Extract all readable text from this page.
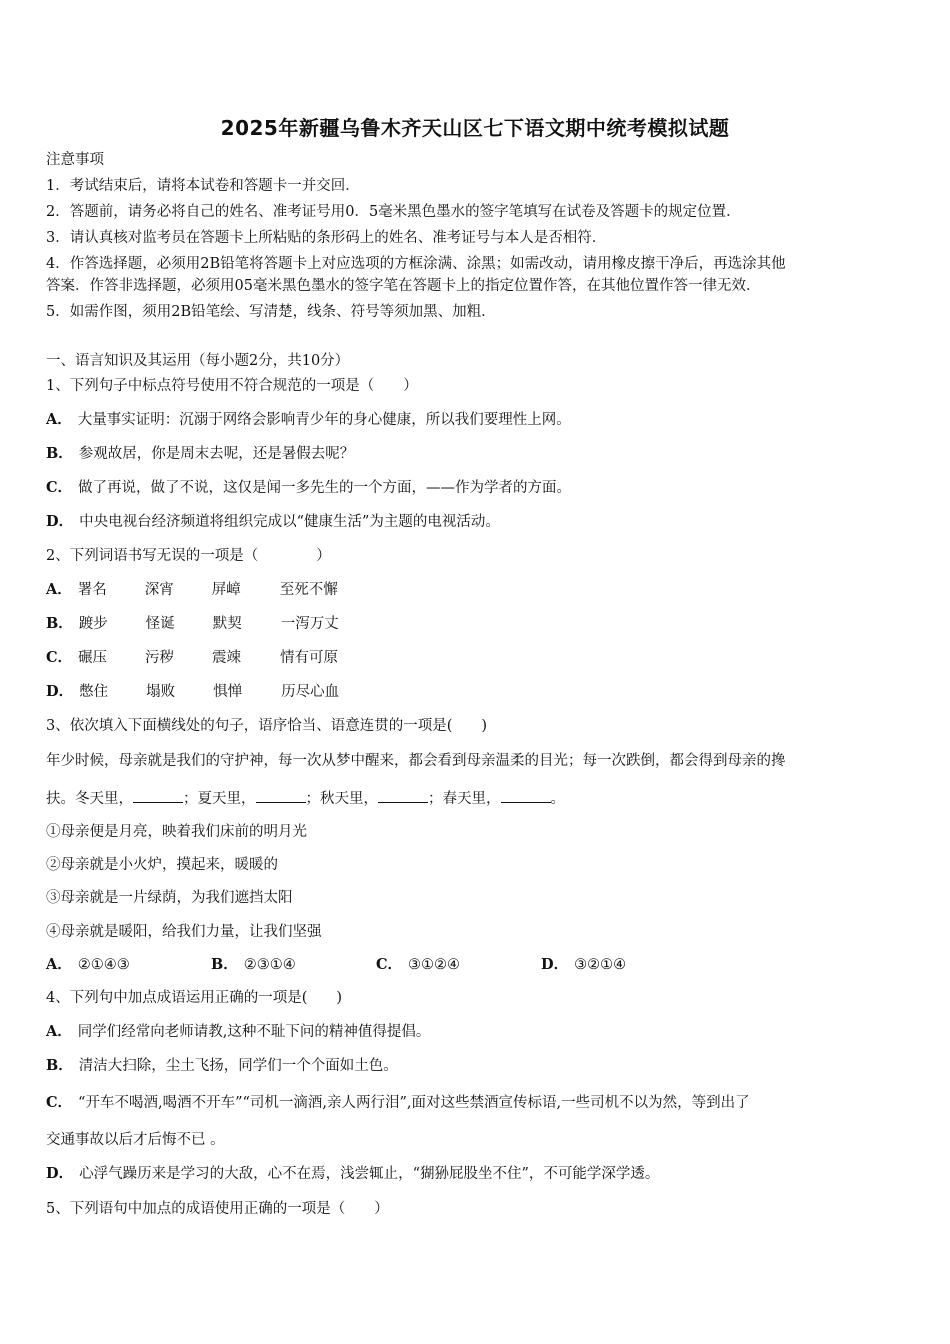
2025年新疆乌鲁木齐天山区七下语文期中统考模拟试题
注意事项
1．考试结束后，请将本试卷和答题卡一并交回．
2．答题前，请务必将自己的姓名、准考证号用0．5毫米黑色墨水的签字笔填写在试卷及答题卡的规定位置．
3．请认真核对监考员在答题卡上所粘贴的条形码上的姓名、准考证号与本人是否相符．
4．作答选择题，必须用2B铅笔将答题卡上对应选项的方框涂满、涂黑；如需改动，请用橡皮擦干净后，再选涂其他
答案．作答非选择题，必须用05毫米黑色墨水的签字笔在答题卡上的指定位置作答，在其他位置作答一律无效．
5．如需作图，须用2B铅笔绘、写清楚，线条、符号等须加黑、加粗．
一、语言知识及其运用（每小题2分，共10分）
1、下列句子中标点符号使用不符合规范的一项是（　　）
A． 大量事实证明：沉溺于网络会影响青少年的身心健康，所以我们要理性上网。
B． 参观故居，你是周末去呢，还是暑假去呢？
C． 做了再说，做了不说，这仅是闻一多先生的一个方面，——作为学者的方面。
D． 中央电视台经济频道将组织完成以“健康生活”为主题的电视活动。
2、下列词语书写无误的一项是（　　　　）
A． 署名	深宵	屏嶂	至死不懈
B． 踱步	怪诞	默契	一泻万丈
C． 碾压	污秽	震竦	情有可原
D． 憋住	塌败	惧惮	历尽心血
3、依次填入下面横线处的句子，语序恰当、语意连贯的一项是(　　)
年少时候，母亲就是我们的守护神，每一次从梦中醒来，都会看到母亲温柔的目光；每一次跌倒，都会得到母亲的搀
扶。冬天里，	；夏天里，	；秋天里，	；春天里，	。
①母亲便是月亮，映着我们床前的明月光
②母亲就是小火炉，摸起来，暖暖的
③母亲就是一片绿荫，为我们遮挡太阳
④母亲就是暖阳，给我们力量，让我们坚强
A． ②①④③	B． ②③①④	C． ③①②④	D． ③②①④
4、下列句中加点成语运用正确的一项是(　　)
A． 同学们经常向老师请教,这种不耻下问的精神值得提倡。
B． 清洁大扫除，尘土飞扬，同学们一个个面如土色。
C． “开车不喝酒,喝酒不开车”“司机一滴酒,亲人两行泪”,面对这些禁酒宣传标语,一些司机不以为然，等到出了
交通事故以后才后悔不已 。
D． 心浮气躁历来是学习的大敌，心不在焉，浅尝辄止，“猢狲屁股坐不住”，不可能学深学透。
5、下列语句中加点的成语使用正确的一项是（　　）
